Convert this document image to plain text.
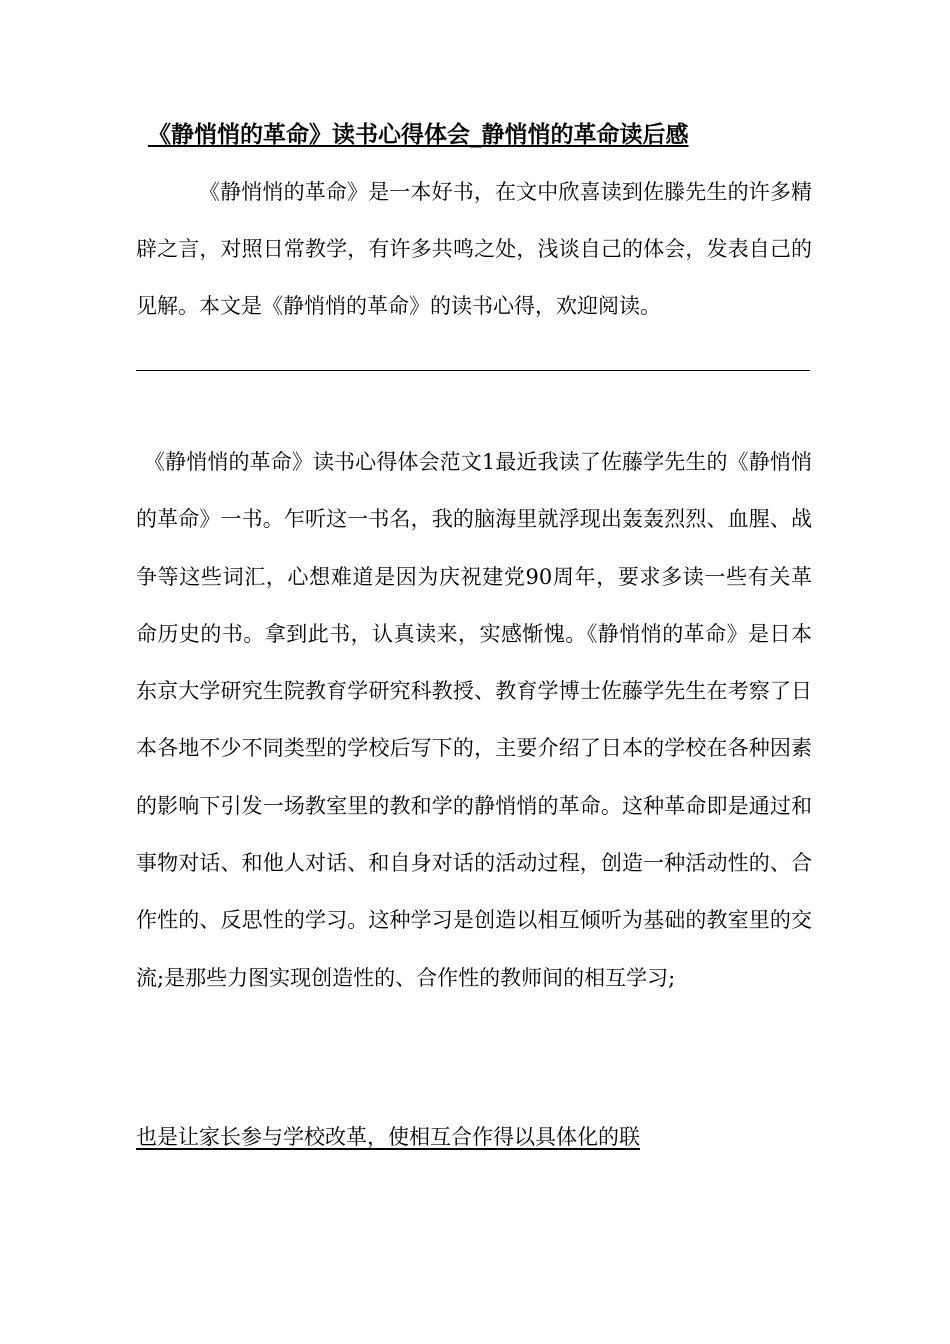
《静悄悄的革命》读书心得体会_静悄悄的革命读后感

《静悄悄的革命》是一本好书，在文中欣喜读到佐滕先生的许多精辟之言，对照日常教学，有许多共鸣之处，浅谈自己的体会，发表自己的见解。本文是《静悄悄的革命》的读书心得，欢迎阅读。

《静悄悄的革命》读书心得体会范文1最近我读了佐藤学先生的《静悄悄的革命》一书。乍听这一书名，我的脑海里就浮现出轰轰烈烈、血腥、战争等这些词汇，心想难道是因为庆祝建党90周年，要求多读一些有关革命历史的书。拿到此书，认真读来，实感惭愧。《静悄悄的革命》是日本东京大学研究生院教育学研究科教授、教育学博士佐藤学先生在考察了日本各地不少不同类型的学校后写下的，主要介绍了日本的学校在各种因素的影响下引发一场教室里的教和学的静悄悄的革命。这种革命即是通过和事物对话、和他人对话、和自身对话的活动过程，创造一种活动性的、合作性的、反思性的学习。这种学习是创造以相互倾听为基础的教室里的交流;是那些力图实现创造性的、合作性的教师间的相互学习;

也是让家长参与学校改革，使相互合作得以具体化的联
